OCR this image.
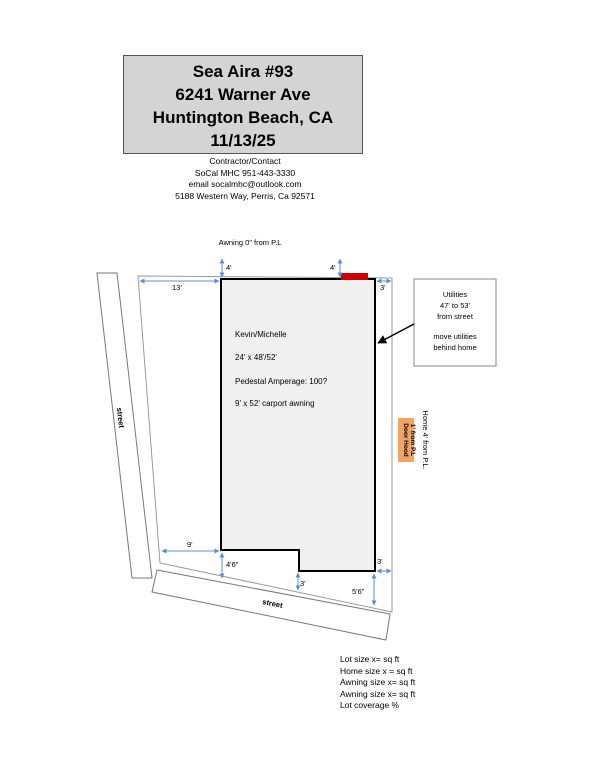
Sea Aira #93
6241 Warner Ave
Huntington Beach, CA
11/13/25
Contractor/Contact
SoCal MHC 951-443-3330
email socalmhc@outlook.com
5188 Western Way, Perris, Ca 92571
street
street
Awning 0" from P.L
4'	4'
13'	3'
9'
4'6"
3'
3'
5'6"
Kevin/Michelle
24' x 48'/52'
Pedestal Amperage: 100?
9' x 52' carport awning
Utilities
47' to 53'
from street
move utilities
behind home
Door Hood 1' from P.L Home 4' from P.L.
Lot size x= sq ft
Home size x = sq ft
Awning size x= sq ft
Awning size x= sq ft
Lot coverage %
